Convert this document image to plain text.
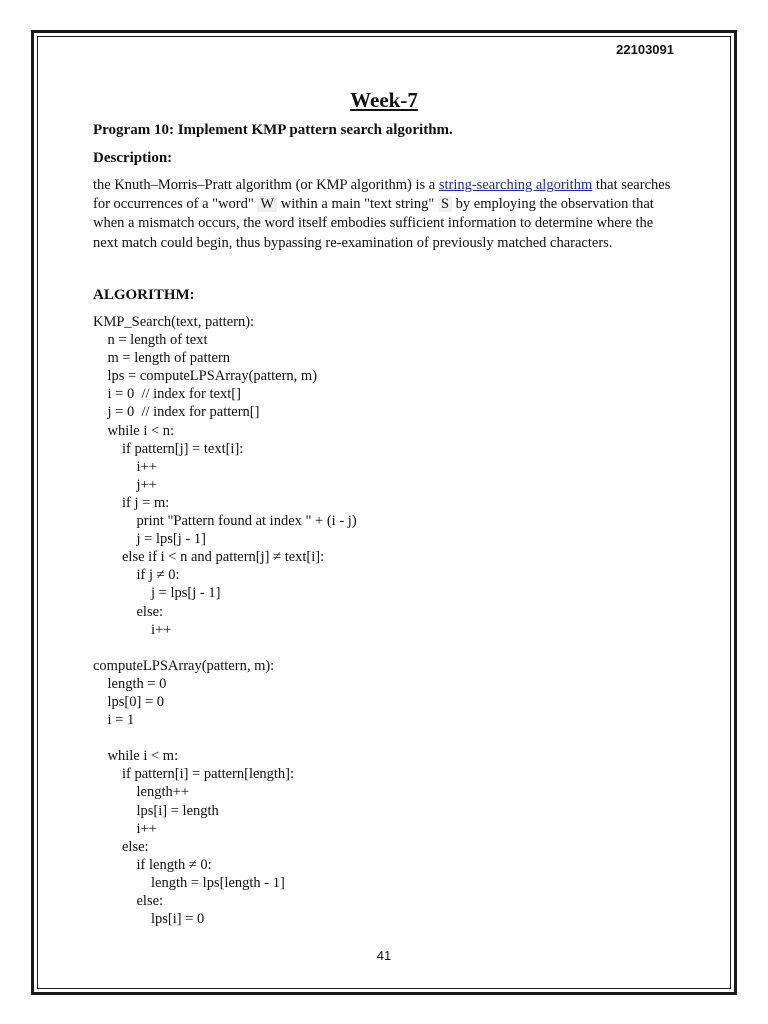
22103091
Week-7

Program 10: Implement KMP pattern search algorithm.

Description:

the Knuth–Morris–Pratt algorithm (or KMP algorithm) is a string-searching algorithm that searches for occurrences of a "word" W within a main "text string" S by employing the observation that when a mismatch occurs, the word itself embodies sufficient information to determine where the next match could begin, thus bypassing re-examination of previously matched characters.

ALGORITHM:

KMP_Search(text, pattern):
n = length of text
m = length of pattern
lps = computeLPSArray(pattern, m)
i = 0  // index for text[]
j = 0  // index for pattern[]
while i < n:
if pattern[j] = text[i]:
i++
j++
if j = m:
print "Pattern found at index " + (i - j)
j = lps[j - 1]
else if i < n and pattern[j] ≠ text[i]:
if j ≠ 0:
j = lps[j - 1]
else:
i++
computeLPSArray(pattern, m):
length = 0
lps[0] = 0
i = 1
while i < m:
if pattern[i] = pattern[length]:
length++
lps[i] = length
i++
else:
if length ≠ 0:
length = lps[length - 1]
else:
lps[i] = 0
41
